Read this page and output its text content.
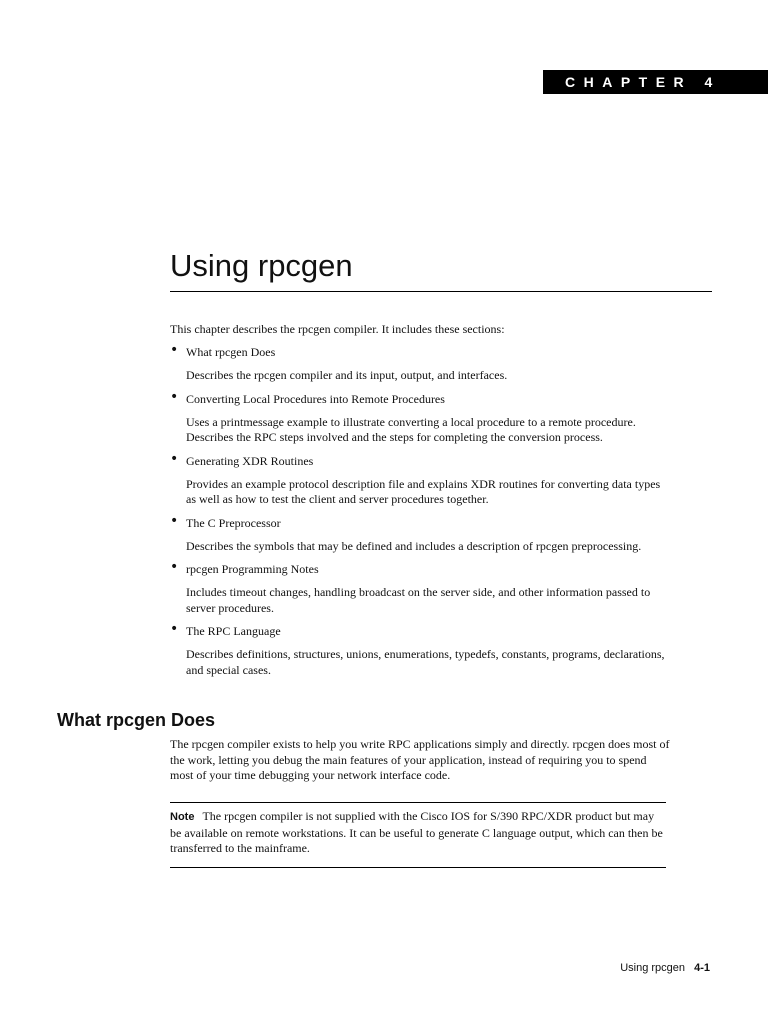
CHAPTER 4
Using rpcgen

This chapter describes the rpcgen compiler. It includes these sections:

• What rpcgen Does

Describes the rpcgen compiler and its input, output, and interfaces.

• Converting Local Procedures into Remote Procedures

Uses a printmessage example to illustrate converting a local procedure to a remote procedure. Describes the RPC steps involved and the steps for completing the conversion process.

• Generating XDR Routines

Provides an example protocol description file and explains XDR routines for converting data types as well as how to test the client and server procedures together.

• The C Preprocessor

Describes the symbols that may be defined and includes a description of rpcgen preprocessing.

• rpcgen Programming Notes

Includes timeout changes, handling broadcast on the server side, and other information passed to server procedures.

• The RPC Language

Describes definitions, structures, unions, enumerations, typedefs, constants, programs, declarations, and special cases.

What rpcgen Does

The rpcgen compiler exists to help you write RPC applications simply and directly. rpcgen does most of the work, letting you debug the main features of your application, instead of requiring you to spend most of your time debugging your network interface code.

Note The rpcgen compiler is not supplied with the Cisco IOS for S/390 RPC/XDR product but may be available on remote workstations. It can be useful to generate C language output, which can then be transferred to the mainframe.
Using rpcgen 4-1
